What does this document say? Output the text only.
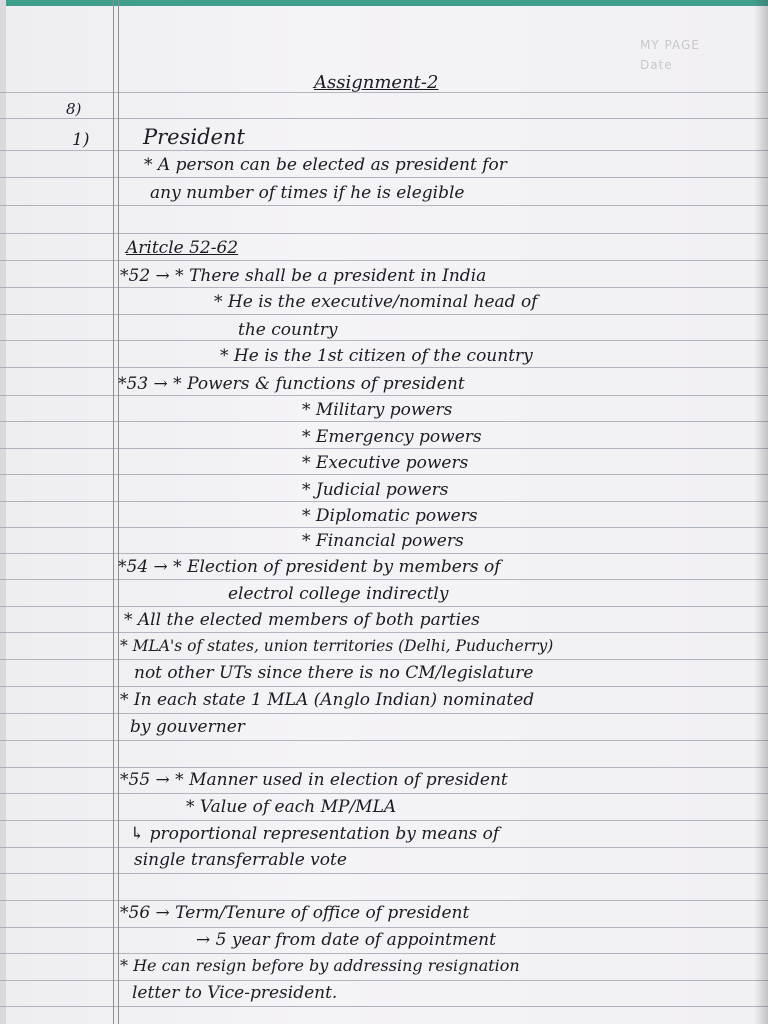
MY PAGE
Date
Assignment-2
8)
1)	President
* A person can be elected as president for
any number of times if he is elegible
Aritcle 52-62
*52 → * There shall be a president in India
* He is the executive/nominal head of
the country
* He is the 1st citizen of the country
*53 → * Powers & functions of president
* Military powers
* Emergency powers
* Executive powers
* Judicial powers
* Diplomatic powers
* Financial powers
*54 → * Election of president by members of
electrol college indirectly
* All the elected members of both parties
* MLA's of states, union territories (Delhi, Puducherry)
not other UTs since there is no CM/legislature
* In each state 1 MLA (Anglo Indian) nominated
by gouverner
*55 → * Manner used in election of president
* Value of each MP/MLA
↳ proportional representation by means of
single transferrable vote
*56 → Term/Tenure of office of president
→ 5 year from date of appointment
* He can resign before by addressing resignation
letter to Vice-president.
